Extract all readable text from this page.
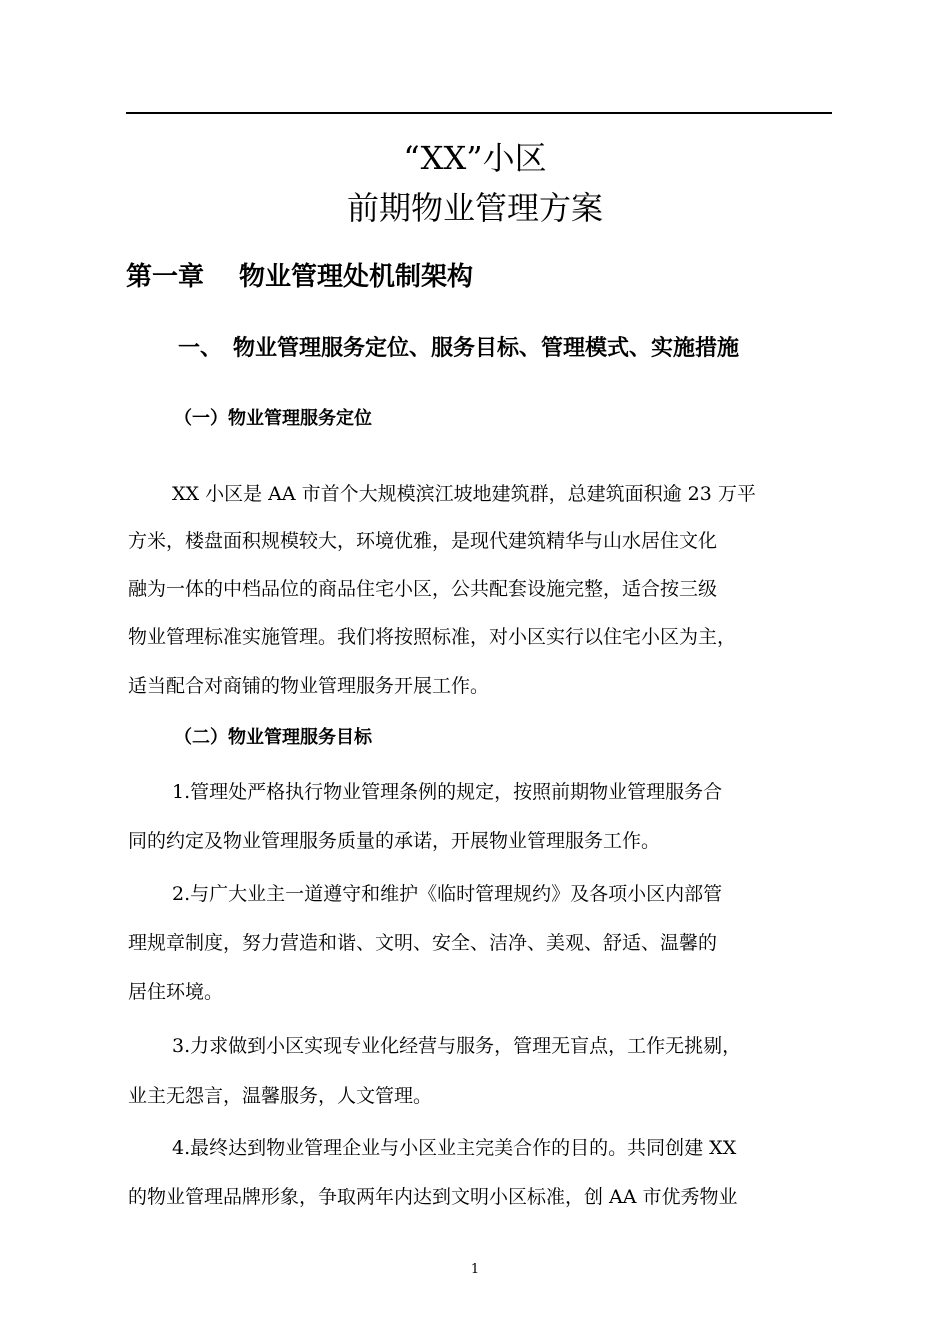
“XX”小区
前期物业管理方案
第一章　 物业管理处机制架构
一、　物业管理服务定位、服务目标、管理模式、实施措施
（一）物业管理服务定位
XX 小区是 AA 市首个大规模滨江坡地建筑群，总建筑面积逾 23 万平
方米，楼盘面积规模较大，环境优雅，是现代建筑精华与山水居住文化
融为一体的中档品位的商品住宅小区，公共配套设施完整，适合按三级
物业管理标准实施管理。我们将按照标准，对小区实行以住宅小区为主，
适当配合对商铺的物业管理服务开展工作。
（二）物业管理服务目标
1.管理处严格执行物业管理条例的规定，按照前期物业管理服务合
同的约定及物业管理服务质量的承诺，开展物业管理服务工作。
2.与广大业主一道遵守和维护《临时管理规约》及各项小区内部管
理规章制度，努力营造和谐、文明、安全、洁净、美观、舒适、温馨的
居住环境。
3.力求做到小区实现专业化经营与服务，管理无盲点，工作无挑剔，
业主无怨言，温馨服务，人文管理。
4.最终达到物业管理企业与小区业主完美合作的目的。共同创建 XX
的物业管理品牌形象，争取两年内达到文明小区标准，创 AA 市优秀物业
1
